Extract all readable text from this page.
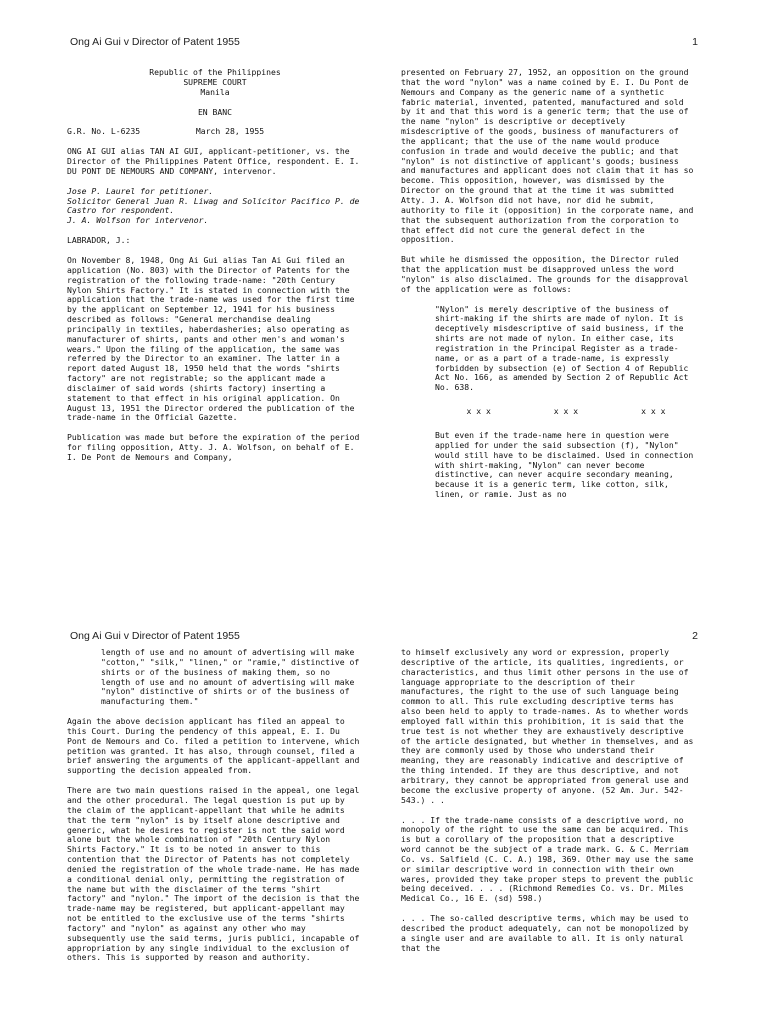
Ong Ai Gui v Director of Patent 1955	1
Republic of the Philippines
SUPREME COURT
Manila

EN BANC

G.R. No. L-6235	March 28, 1955

ONG AI GUI alias TAN AI GUI, applicant-petitioner, vs. the Director of the Philippines Patent Office, respondent. E. I. DU PONT DE NEMOURS AND COMPANY, intervenor.

Jose P. Laurel for petitioner.
Solicitor General Juan R. Liwag and Solicitor Pacifico P. de Castro for respondent.
J. A. Wolfson for intervenor.

LABRADOR, J.:

On November 8, 1948, Ong Ai Gui alias Tan Ai Gui filed an application (No. 803) with the Director of Patents for the registration of the following trade-name: "20th Century Nylon Shirts Factory." It is stated in connection with the application that the trade-name was used for the first time by the applicant on September 12, 1941 for his business described as follows: "General merchandise dealing principally in textiles, haberdasheries; also operating as manufacturer of shirts, pants and other men's and woman's wears." Upon the filing of the application, the same was referred by the Director to an examiner. The latter in a report dated August 18, 1950 held that the words "shirts factory" are not registrable; so the applicant made a disclaimer of said words (shirts factory) inserting a statement to that effect in his original application. On August 13, 1951 the Director ordered the publication of the trade-name in the Official Gazette.

Publication was made but before the expiration of the period for filing opposition, Atty. J. A. Wolfson, on behalf of E. I. De Pont de Nemours and Company,

presented on February 27, 1952, an opposition on the ground that the word "nylon" was a name coined by E. I. Du Pont de Nemours and Company as the generic name of a synthetic fabric material, invented, patented, manufactured and sold by it and that this word is a generic term; that the use of the name "nylon" is descriptive or deceptively misdescriptive of the goods, business of manufacturers of the applicant; that the use of the name would produce confusion in trade and would deceive the public; and that "nylon" is not distinctive of applicant's goods; business and manufactures and applicant does not claim that it has so become. This opposition, however, was dismissed by the Director on the ground that at the time it was submitted Atty. J. A. Wolfson did not have, nor did he submit, authority to file it (opposition) in the corporate name, and that the subsequent authorization from the corporation to that effect did not cure the general defect in the opposition.

But while he dismissed the opposition, the Director ruled that the application must be disapproved unless the word "nylon" is also disclaimed. The grounds for the disapproval of the application were as follows:

"Nylon" is merely descriptive of the business of shirt-making if the shirts are made of nylon. It is deceptively misdescriptive of said business, if the shirts are not made of nylon. In either case, its registration in the Principal Register as a trade-name, or as a part of a trade-name, is expressly forbidden by subsection (e) of Section 4 of Republic Act No. 166, as amended by Section 2 of Republic Act No. 638.

x x x	x x x	x x x

But even if the trade-name here in question were applied for under the said subsection (f), "Nylon" would still have to be disclaimed. Used in connection with shirt-making, "Nylon" can never become distinctive, can never acquire secondary meaning, because it is a generic term, like cotton, silk, linen, or ramie. Just as no

Ong Ai Gui v Director of Patent 1955	2

length of use and no amount of advertising will make "cotton," "silk," "linen," or "ramie," distinctive of shirts or of the business of making them, so no length of use and no amount of advertising will make "nylon" distinctive of shirts or of the business of manufacturing them."

Again the above decision applicant has filed an appeal to this Court. During the pendency of this appeal, E. I. Du Pont de Nemours and Co. filed a petition to intervene, which petition was granted. It has also, through counsel, filed a brief answering the arguments of the applicant-appellant and supporting the decision appealed from.

There are two main questions raised in the appeal, one legal and the other procedural. The legal question is put up by the claim of the applicant-appellant that while he admits that the term "nylon" is by itself alone descriptive and generic, what he desires to register is not the said word alone but the whole combination of "20th Century Nylon Shirts Factory." It is to be noted in answer to this contention that the Director of Patents has not completely denied the registration of the whole trade-name. He has made a conditional denial only, permitting the registration of the name but with the disclaimer of the terms "shirt factory" and "nylon." The import of the decision is that the trade-name may be registered, but applicant-appellant may not be entitled to the exclusive use of the terms "shirts factory" and "nylon" as against any other who may subsequently use the said terms, juris publici, incapable of appropriation by any single individual to the exclusion of others. This is supported by reason and authority.

to himself exclusively any word or expression, properly descriptive of the article, its qualities, ingredients, or characteristics, and thus limit other persons in the use of language appropriate to the description of their manufactures, the right to the use of such language being common to all. This rule excluding descriptive terms has also been held to apply to trade-names. As to whether words employed fall within this prohibition, it is said that the true test is not whether they are exhaustively descriptive of the article designated, but whether in themselves, and as they are commonly used by those who understand their meaning, they are reasonably indicative and descriptive of the thing intended. If they are thus descriptive, and not arbitrary, they cannot be appropriated from general use and become the exclusive property of anyone. (52 Am. Jur. 542-543.) . .

. . . If the trade-name consists of a descriptive word, no monopoly of the right to use the same can be acquired. This is but a corollary of the proposition that a descriptive word cannot be the subject of a trade mark. G. & C. Merriam Co. vs. Salfield (C. C. A.) 198, 369. Other may use the same or similar descriptive word in connection with their own wares, provided they take proper steps to prevent the public being deceived. . . . (Richmond Remedies Co. vs. Dr. Miles Medical Co., 16 E. (sd) 598.)

. . . The so-called descriptive terms, which may be used to described the product adequately, can not be monopolized by a single user and are available to all. It is only natural that the
